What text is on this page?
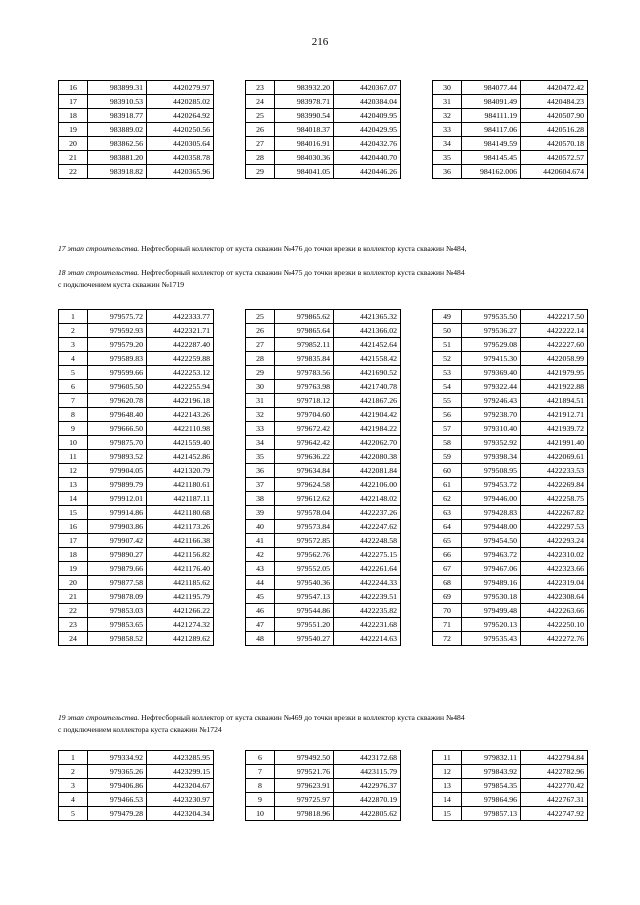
216
16	983899.31	4420279.97
17	983910.53	4420285.02
18	983918.77	4420264.92
19	983889.02	4420250.56
20	983862.56	4420305.64
21	983881.20	4420358.78
22	983918.82	4420365.96
23	983932.20	4420367.07
24	983978.71	4420384.04
25	983990.54	4420409.95
26	984018.37	4420429.95
27	984016.91	4420432.76
28	984030.36	4420440.70
29	984041.05	4420446.26
30	984077.44	4420472.42
31	984091.49	4420484.23
32	984111.19	4420507.90
33	984117.06	4420516.28
34	984149.59	4420570.18
35	984145.45	4420572.57
36	984162.006	4420604.674
17 этап строительства. Нефтесборный коллектор от куста скважин №476 до точки врезки в коллектор куста скважин №484,
18 этап строительства. Нефтесборный коллектор от куста скважин №475 до точки врезки в коллектор куста скважин №484
с подключением куста скважин №1719
1	979575.72	4422333.77
2	979592.93	4422321.71
3	979579.20	4422287.40
4	979589.83	4422259.88
5	979599.66	4422253.12
6	979605.50	4422255.94
7	979620.78	4422196.18
8	979648.40	4422143.26
9	979666.50	4422110.98
10	979875.70	4421559.40
11	979893.52	4421452.86
12	979904.05	4421320.79
13	979899.79	4421180.61
14	979912.01	4421187.11
15	979914.86	4421180.68
16	979903.86	4421173.26
17	979907.42	4421166.38
18	979890.27	4421156.82
19	979879.66	4421176.40
20	979877.58	4421185.62
21	979878.09	4421195.79
22	979853.03	4421266.22
23	979853.65	4421274.32
24	979858.52	4421289.62
25	979865.62	4421365.32
26	979865.64	4421366.02
27	979852.11	4421452.64
28	979835.84	4421558.42
29	979783.56	4421690.52
30	979763.98	4421740.78
31	979718.12	4421867.26
32	979704.60	4421904.42
33	979672.42	4421984.22
34	979642.42	4422062.70
35	979636.22	4422080.38
36	979634.84	4422081.84
37	979624.58	4422106.00
38	979612.62	4422148.02
39	979578.04	4422237.26
40	979573.84	4422247.62
41	979572.85	4422248.58
42	979562.76	4422275.15
43	979552.05	4422261.64
44	979540.36	4422244.33
45	979547.13	4422239.51
46	979544.86	4422235.82
47	979551.20	4422231.68
48	979540.27	4422214.63
49	979535.50	4422217.50
50	979536.27	4422222.14
51	979529.08	4422227.60
52	979415.30	4422058.99
53	979369.40	4421979.95
54	979322.44	4421922.88
55	979246.43	4421894.51
56	979238.70	4421912.71
57	979310.40	4421939.72
58	979352.92	4421991.40
59	979398.34	4422069.61
60	979508.95	4422233.53
61	979453.72	4422269.84
62	979446.00	4422258.75
63	979428.83	4422267.82
64	979448.00	4422297.53
65	979454.50	4422293.24
66	979463.72	4422310.02
67	979467.06	4422323.66
68	979489.16	4422319.04
69	979530.18	4422308.64
70	979499.48	4422263.66
71	979520.13	4422250.10
72	979535.43	4422272.76
19 этап строительства. Нефтесборный коллектор от куста скважин №469 до точки врезки в коллектор куста скважин №484
с подключением коллектора куста скважин №1724
1	979334.92	4423285.95
2	979365.26	4423299.15
3	979406.86	4423204.67
4	979466.53	4423230.97
5	979479.28	4423204.34
6	979492.50	4423172.68
7	979521.76	4423115.79
8	979623.91	4422976.37
9	979725.97	4422870.19
10	979818.96	4422805.62
11	979832.11	4422794.84
12	979843.92	4422782.96
13	979854.35	4422770.42
14	979864.96	4422767.31
15	979857.13	4422747.92
